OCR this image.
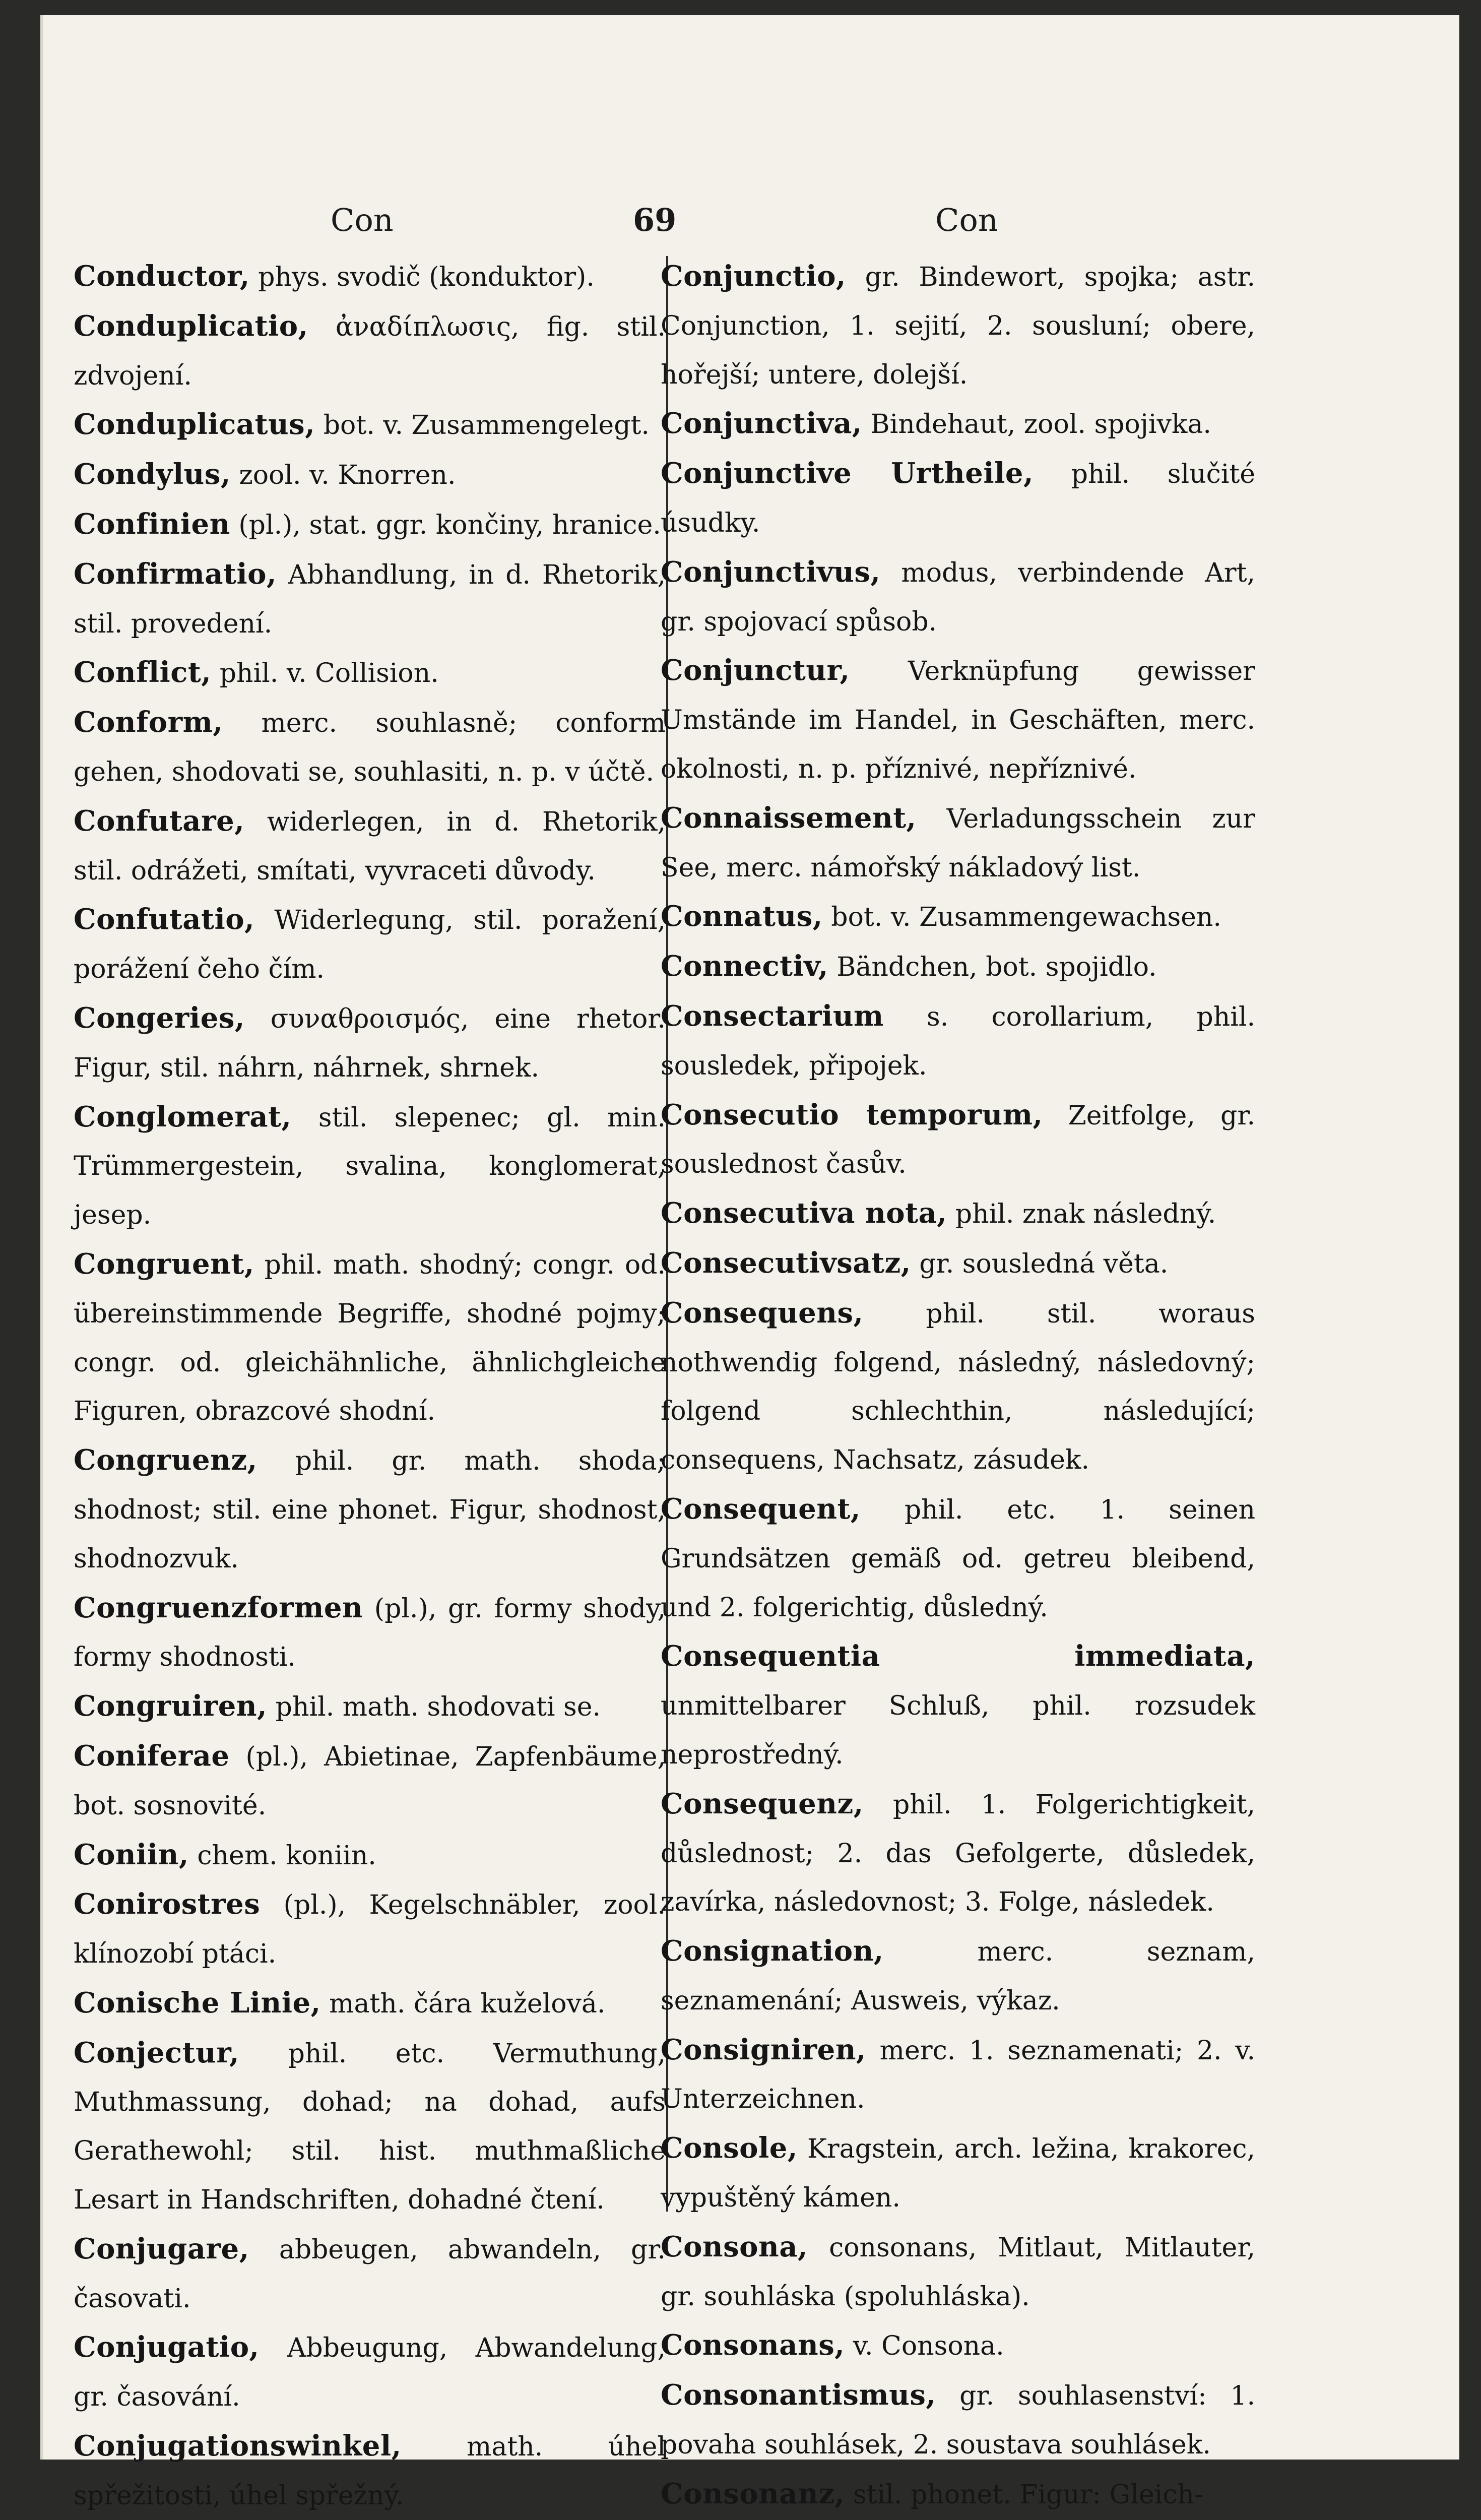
Con	69	Con

Conductor, phys. svodič (konduktor).

Conduplicatio, ἀναδίπλωσις, fig. stil. zdvojení.

Conduplicatus, bot. v. Zusammengelegt.

Condylus, zool. v. Knorren.

Confinien (pl.), stat. ggr. končiny, hranice.

Confirmatio, Abhandlung, in d. Rhetorik, stil. provedení.

Conflict, phil. v. Collision.

Conform, merc. souhlasně; conform gehen, shodovati se, souhlasiti, n. p. v účtě.

Confutare, widerlegen, in d. Rhetorik, stil. odrážeti, smítati, vyvraceti důvody.

Confutatio, Widerlegung, stil. poražení, porážení čeho čím.

Congeries, συναθροισμός, eine rhetor. Figur, stil. náhrn, náhrnek, shrnek.

Conglomerat, stil. slepenec; gl. min. Trümmergestein, svalina, konglomerat, jesep.

Congruent, phil. math. shodný; congr. od. übereinstimmende Begriffe, shodné pojmy; congr. od. gleichähnliche, ähnlichgleiche Figuren, obrazcové shodní.

Congruenz, phil. gr. math. shoda; shodnost; stil. eine phonet. Figur, shodnost, shodnozvuk.

Congruenzformen (pl.), gr. formy shody, formy shodnosti.

Congruiren, phil. math. shodovati se.

Coniferae (pl.), Abietinae, Zapfenbäume, bot. sosnovité.

Coniin, chem. koniin.

Conirostres (pl.), Kegelschnäbler, zool. klínozobí ptáci.

Conische Linie, math. čára kuželová.

Conjectur, phil. etc. Vermuthung, Muthmassung, dohad; na dohad, aufs Gerathewohl; stil. hist. muthmaßliche Lesart in Handschriften, dohadné čtení.

Conjugare, abbeugen, abwandeln, gr. časovati.

Conjugatio, Abbeugung, Abwandelung, gr. časování.

Conjugationswinkel, math. úhel spřežitosti, úhel spřežný.

Conjunctio, gr. Bindewort, spojka; astr. Conjunction, 1. sejití, 2. sousluní; obere, hořejší; untere, dolejší.

Conjunctiva, Bindehaut, zool. spojivka.

Conjunctive Urtheile, phil. slučité úsudky.

Conjunctivus, modus, verbindende Art, gr. spojovací spůsob.

Conjunctur, Verknüpfung gewisser Umstände im Handel, in Geschäften, merc. okolnosti, n. p. příznivé, nepříznivé.

Connaissement, Verladungsschein zur See, merc. námořský nákladový list.

Connatus, bot. v. Zusammengewachsen.

Connectiv, Bändchen, bot. spojidlo.

Consectarium s. corollarium, phil. sousledek, připojek.

Consecutio temporum, Zeitfolge, gr. souslednost časův.

Consecutiva nota, phil. znak následný.

Consecutivsatz, gr. sousledná věta.

Consequens, phil. stil. woraus nothwendig folgend, následný, následovný; folgend schlechthin, následující; consequens, Nachsatz, zásudek.

Consequent, phil. etc. 1. seinen Grundsätzen gemäß od. getreu bleibend, und 2. folgerichtig, důsledný.

Consequentia immediata, unmittelbarer Schluß, phil. rozsudek neprostředný.

Consequenz, phil. 1. Folgerichtigkeit, důslednost; 2. das Gefolgerte, důsledek, zavírka, následovnost; 3. Folge, následek.

Consignation, merc. seznam, seznamenání; Ausweis, výkaz.

Consigniren, merc. 1. seznamenati; 2. v. Unterzeichnen.

Console, Kragstein, arch. ležina, krakorec, vypuštěný kámen.

Consona, consonans, Mitlaut, Mitlauter, gr. souhláska (spoluhláska).

Consonans, v. Consona.

Consonantismus, gr. souhlasenství: 1. povaha souhlásek, 2. soustava souhlásek.

Consonanz, stil. phonet. Figur: Gleich-
